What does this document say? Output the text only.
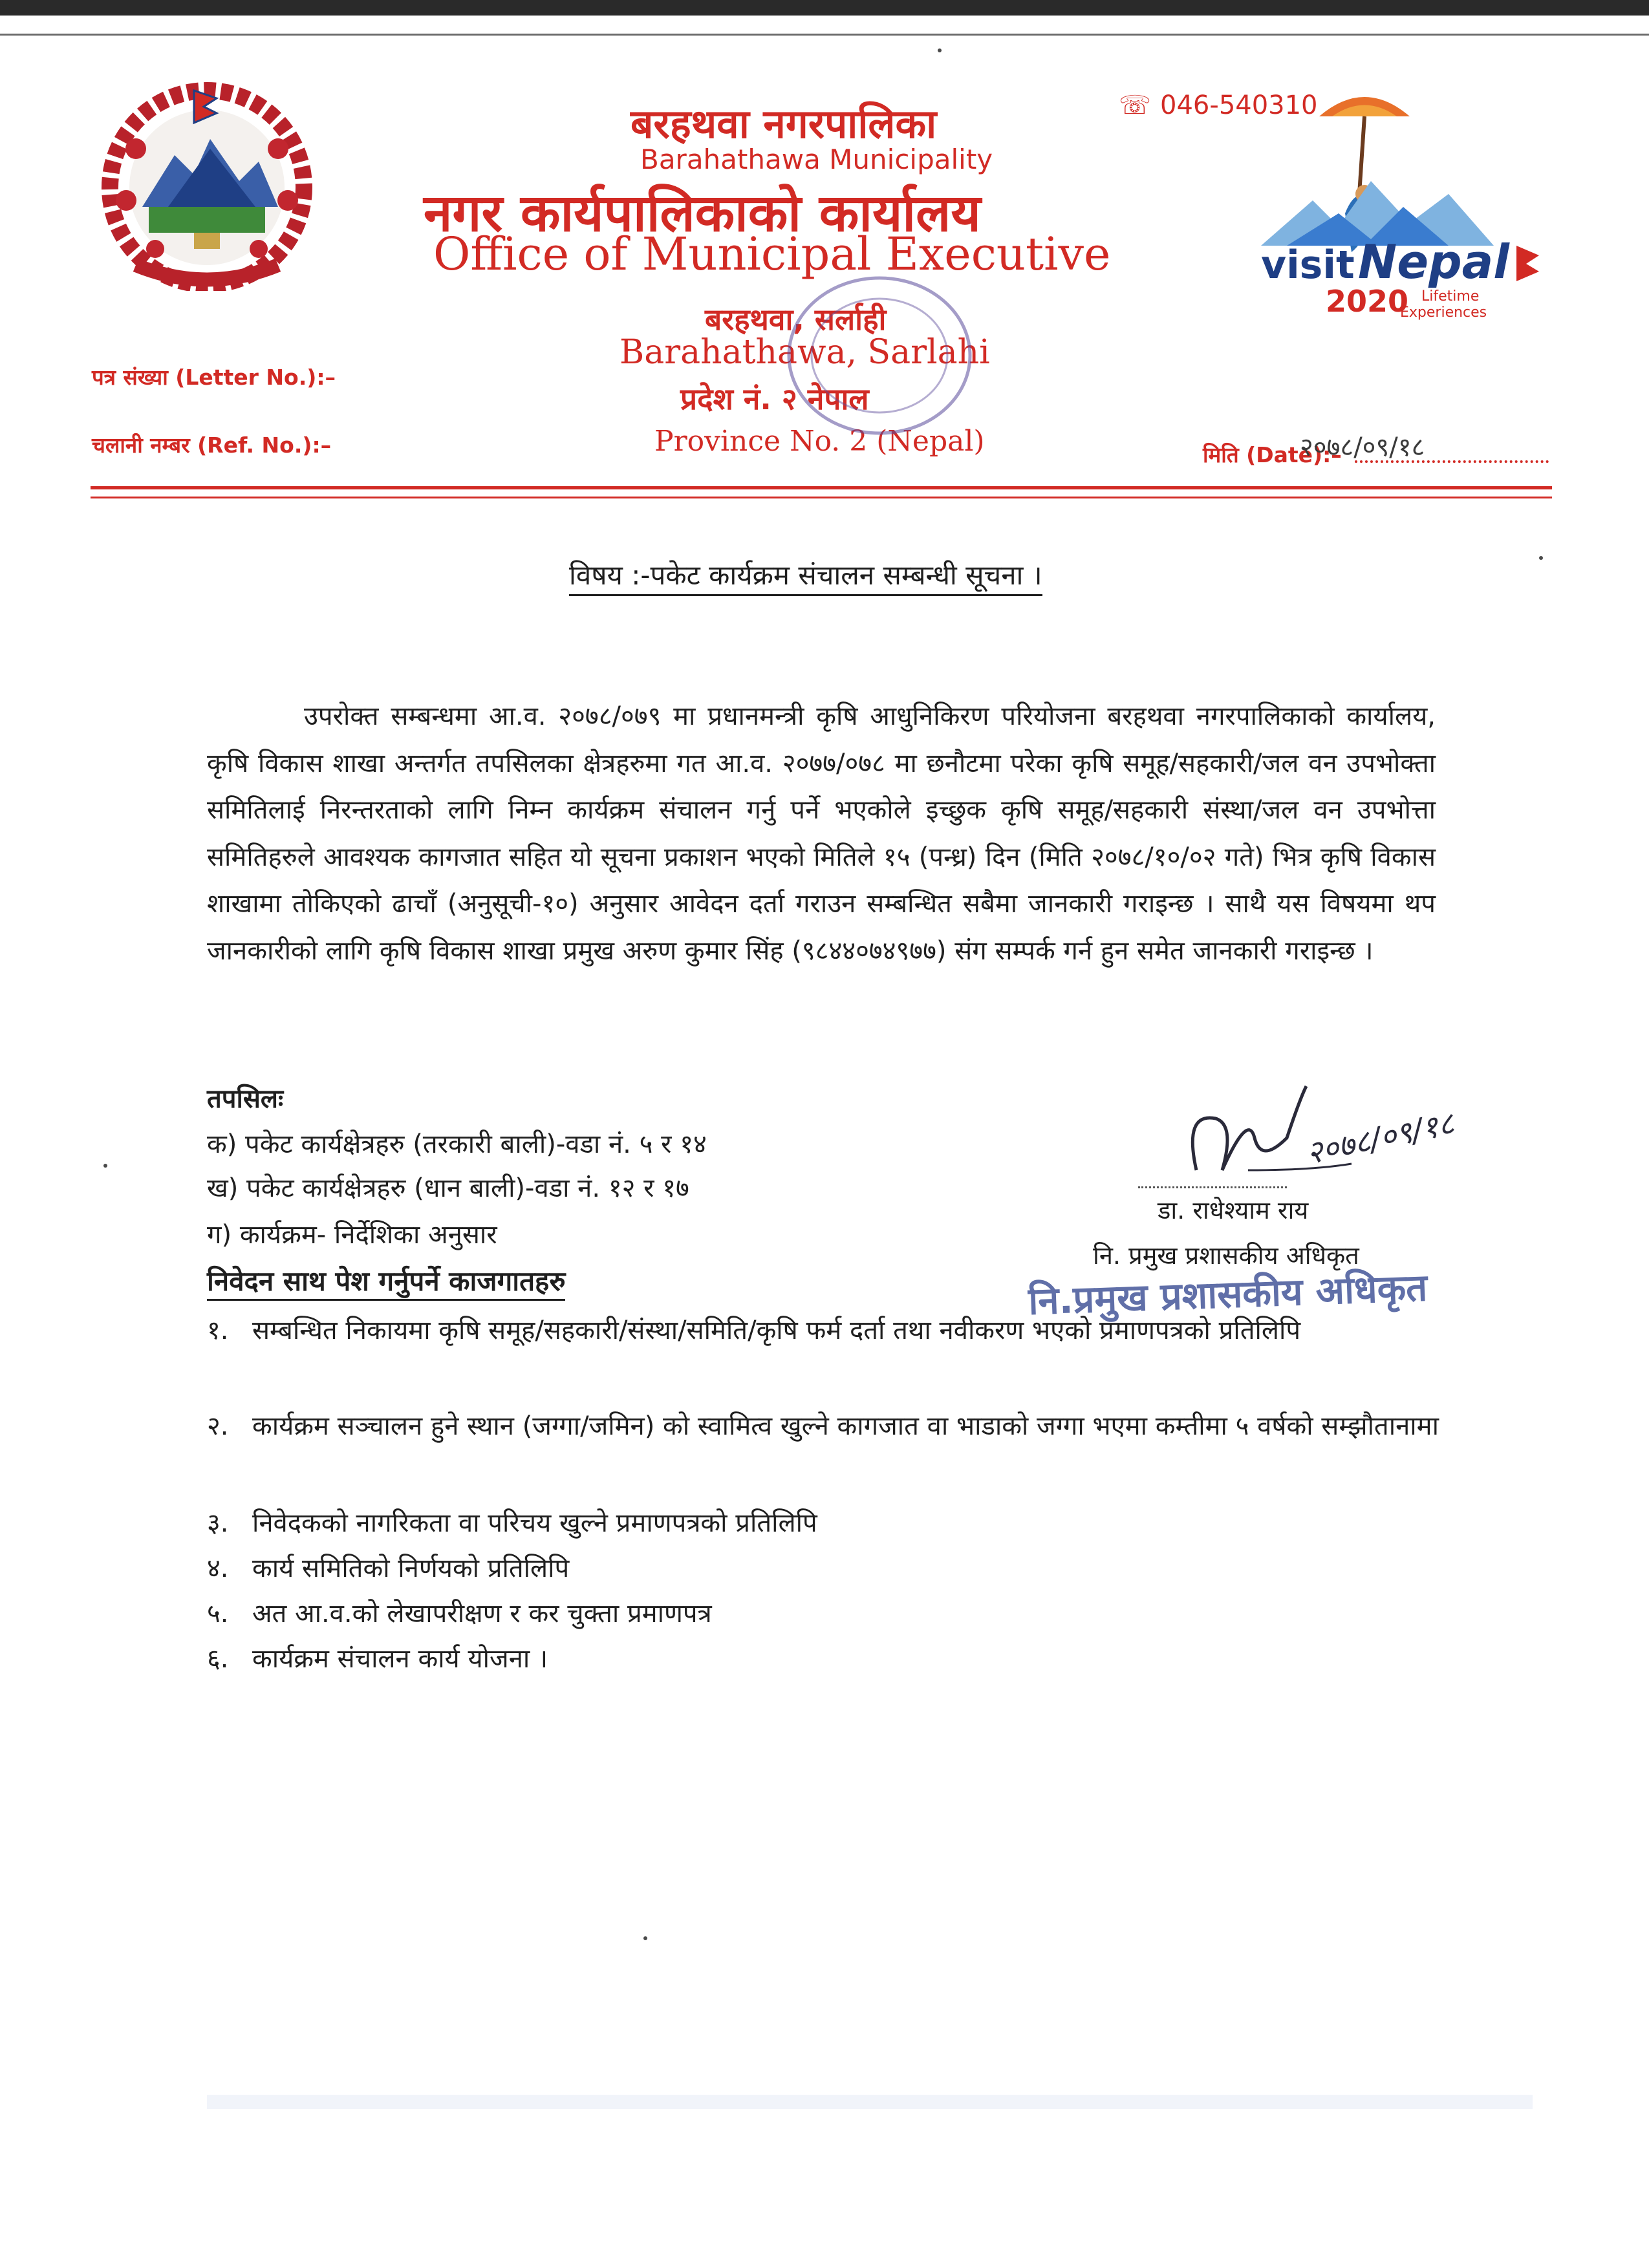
बरहथवा नगरपालिका
Barahathawa Municipality
नगर कार्यपालिकाको कार्यालय
Office of Municipal Executive
बरहथवा, सर्लाही
Barahathawa, Sarlahi
प्रदेश नं. २ नेपाल
Province No. 2 (Nepal)
☏ 046-540310
visit Nepal
2020 Lifetime
Experiences
पत्र संख्या (Letter No.):–
चलानी नम्बर (Ref. No.):–	मिति (Date):–
२०७८/०९/१८
विषय :-पकेट कार्यक्रम संचालन सम्बन्धी सूचना ।
उपरोक्त सम्बन्धमा आ.व. २०७८/०७९ मा प्रधानमन्त्री कृषि आधुनिकिरण परियोजना बरहथवा नगरपालिकाको कार्यालय, कृषि विकास शाखा अन्तर्गत तपसिलका क्षेत्रहरुमा गत आ.व. २०७७/०७८ मा छनौटमा परेका कृषि समूह/सहकारी/जल वन उपभोक्ता समितिलाई निरन्तरताको लागि निम्न कार्यक्रम संचालन गर्नु पर्ने भएकोले इच्छुक कृषि समूह/सहकारी संस्था/जल वन उपभोत्ता समितिहरुले आवश्यक कागजात सहित यो सूचना प्रकाशन भएको मितिले १५ (पन्ध्र) दिन (मिति २०७८/१०/०२ गते) भित्र कृषि विकास शाखामा तोकिएको ढाचाँ (अनुसूची-१०) अनुसार आवेदन दर्ता गराउन सम्बन्धित सबैमा जानकारी गराइन्छ । साथै यस विषयमा थप जानकारीको लागि कृषि विकास शाखा प्रमुख अरुण कुमार सिंह (९८४४०७४९७७) संग सम्पर्क गर्न हुन समेत जानकारी गराइन्छ ।
तपसिलः
क) पकेट कार्यक्षेत्रहरु (तरकारी बाली)-वडा नं. ५ र १४
ख) पकेट कार्यक्षेत्रहरु (धान बाली)-वडा नं. १२ र १७
ग) कार्यक्रम- निर्देशिका अनुसार
निवेदन साथ पेश गर्नुपर्ने काजगातहरु
१. सम्बन्धित निकायमा कृषि समूह/सहकारी/संस्था/समिति/कृषि फर्म दर्ता तथा नवीकरण भएको प्रमाणपत्रको प्रतिलिपि
२. कार्यक्रम सञ्चालन हुने स्थान (जग्गा/जमिन) को स्वामित्व खुल्ने कागजात वा भाडाको जग्गा भएमा कम्तीमा ५ वर्षको सम्झौतानामा
३. निवेदकको नागरिकता वा परिचय खुल्ने प्रमाणपत्रको प्रतिलिपि
४. कार्य समितिको निर्णयको प्रतिलिपि
५. अत आ.व.को लेखापरीक्षण र कर चुक्ता प्रमाणपत्र
६. कार्यक्रम संचालन कार्य योजना ।
२०७८/०९/१८
डा. राधेश्याम राय
नि. प्रमुख प्रशासकीय अधिकृत
नि.प्रमुख प्रशासकीय अधिकृत
